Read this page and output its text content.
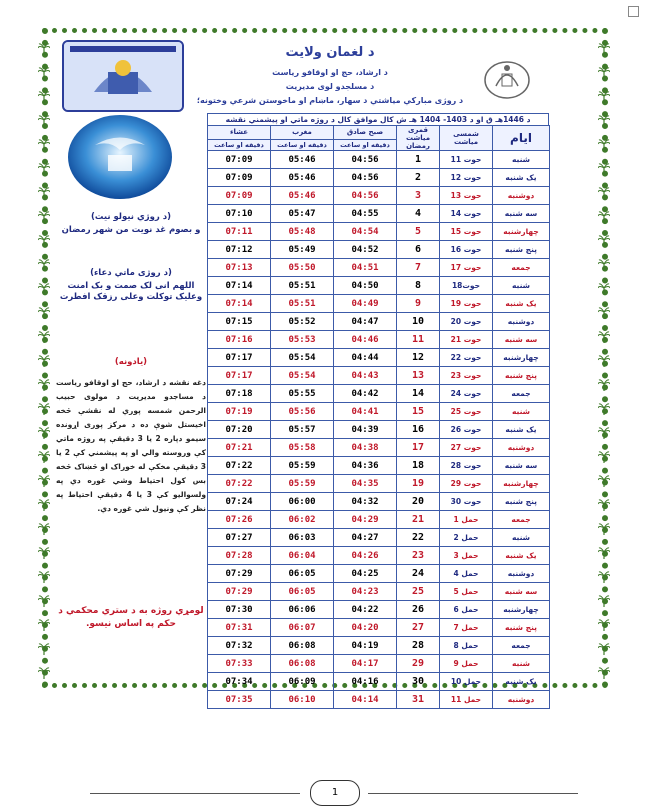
د لغمان ولایت
د ارشاد، حج او اوقافو ریاست
د مسلجدو لوی مدیریت
د روژی مبارکي میاشتي د سهار، ماښام او ماخوستن شرعي وختونه؛
(د روژي نيولو نيت)
و بصوم غد نويت من شهر رمضان
(د روژی ماتي دعاء)
اللهم انی لک صمت و بک امنت وعلیک توکلت وعلی رزقک افطرت
(یادونه)
دغه نقشه د ارشاد، حج او اوقافو ریاست د مساجدو مديريت د مولوی حبيب الرحمن شمسه پوري له نقشې څخه اخيستل شوې ده د مرکز پوری اړونده سيمو دپاره 2 يا 3 دقيقې په روژه ماتي کې وروسته والي او په پيشمني کې 2 يا 3 دقيقې مخکې له خوراک او څښاک څخه بس کول احتياط وشي غوره دي په ولسواليو کې 3 يا 4 دقيقې احتياط په نظر کې ونيول شي غوره دي.
لومړي روژه به د ستري محکمي د حکم په اساس نیسو.
د 1446هـ ق او د 1403- 1404 هـ ش کال موافق کال د روژه ماتي او پيشمني نقشه
عشاء	مغرب	صبح صادق	قمری میاشت
رمضان	شمسی میاشت	ایام
دقیقه او ساعت	دقیقه او ساعت	دقیقه او ساعت			
07:09	05:46	04:56	1	11 حوت	شنبه
07:09	05:46	04:56	2	12 حوت	یک شنبه
07:09	05:46	04:56	3	13 حوت	دوشنبه
07:10	05:47	04:55	4	14 حوت	سه شنبه
07:11	05:48	04:54	5	15 حوت	چهارشنبه
07:12	05:49	04:52	6	16 حوت	پنج شنبه
07:13	05:50	04:51	7	17 حوت	جمعه
07:14	05:51	04:50	8	18حوت	شنبه
07:14	05:51	04:49	9	19 حوت	یک شنبه
07:15	05:52	04:47	10	20 حوت	دوشنبه
07:16	05:53	04:46	11	21 حوت	سه شنبه
07:17	05:54	04:44	12	22 حوت	چهارشنبه
07:17	05:54	04:43	13	23 حوت	پنج شنبه
07:18	05:55	04:42	14	24 حوت	جمعه
07:19	05:56	04:41	15	25 حوت	شنبه
07:20	05:57	04:39	16	26 حوت	یک شنبه
07:21	05:58	04:38	17	27 حوت	دوشنبه
07:22	05:59	04:36	18	28 حوت	سه شنبه
07:22	05:59	04:35	19	29 حوت	چهارشنبه
07:24	06:00	04:32	20	30 حوت	پنج شنبه
07:26	06:02	04:29	21	1 حمل	جمعه
07:27	06:03	04:27	22	2 حمل	شنبه
07:28	06:04	04:26	23	3 حمل	یک شنبه
07:29	06:05	04:25	24	4 حمل	دوشنبه
07:29	06:05	04:23	25	5 حمل	سه شنبه
07:30	06:06	04:22	26	6 حمل	چهارشنبه
07:31	06:07	04:20	27	7 حمل	پنج شنبه
07:32	06:08	04:19	28	8 حمل	جمعه
07:33	06:08	04:17	29	9 حمل	شنبه
07:34	06:09	04:16	30	10 حمل	یک شنبه
07:35	06:10	04:14	31	11 حمل	دوشنبه
1
